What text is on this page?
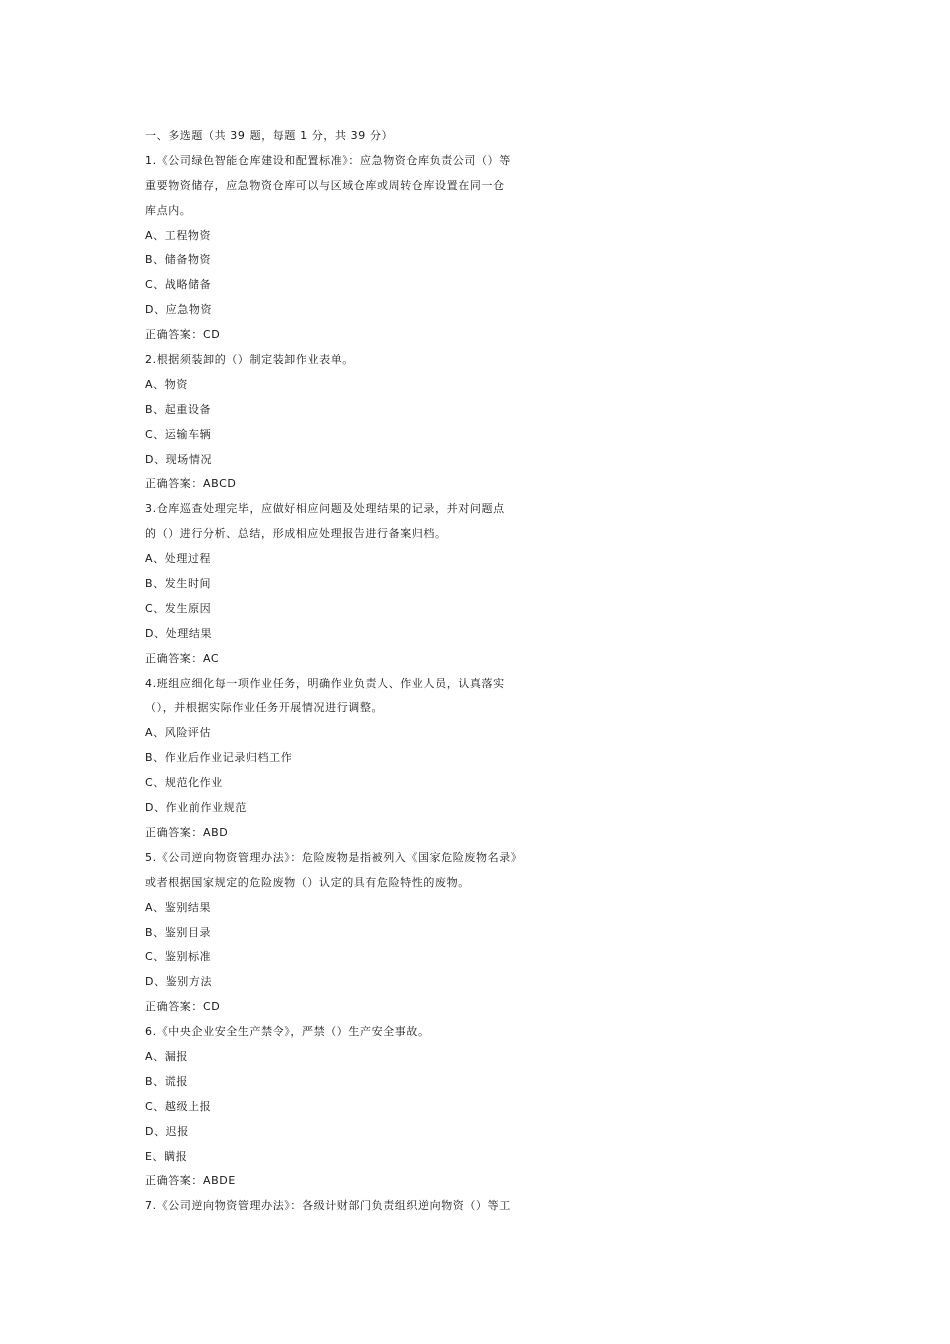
一、多选题（共 39 题，每题 1 分，共 39 分）
1.《公司绿色智能仓库建设和配置标准》：应急物资仓库负责公司（）等
重要物资储存，应急物资仓库可以与区域仓库或周转仓库设置在同一仓
库点内。
A、工程物资
B、储备物资
C、战略储备
D、应急物资
正确答案：CD
2.根据须装卸的（）制定装卸作业表单。
A、物资
B、起重设备
C、运输车辆
D、现场情况
正确答案：ABCD
3.仓库巡查处理完毕，应做好相应问题及处理结果的记录，并对问题点
的（）进行分析、总结，形成相应处理报告进行备案归档。
A、处理过程
B、发生时间
C、发生原因
D、处理结果
正确答案：AC
4.班组应细化每一项作业任务，明确作业负责人、作业人员，认真落实
（），并根据实际作业任务开展情况进行调整。
A、风险评估
B、作业后作业记录归档工作
C、规范化作业
D、作业前作业规范
正确答案：ABD
5.《公司逆向物资管理办法》：危险废物是指被列入《国家危险废物名录》
或者根据国家规定的危险废物（）认定的具有危险特性的废物。
A、鉴别结果
B、鉴别目录
C、鉴别标准
D、鉴别方法
正确答案：CD
6.《中央企业安全生产禁令》，严禁（）生产安全事故。
A、漏报
B、谎报
C、越级上报
D、迟报
E、瞒报
正确答案：ABDE
7.《公司逆向物资管理办法》：各级计财部门负责组织逆向物资（）等工
